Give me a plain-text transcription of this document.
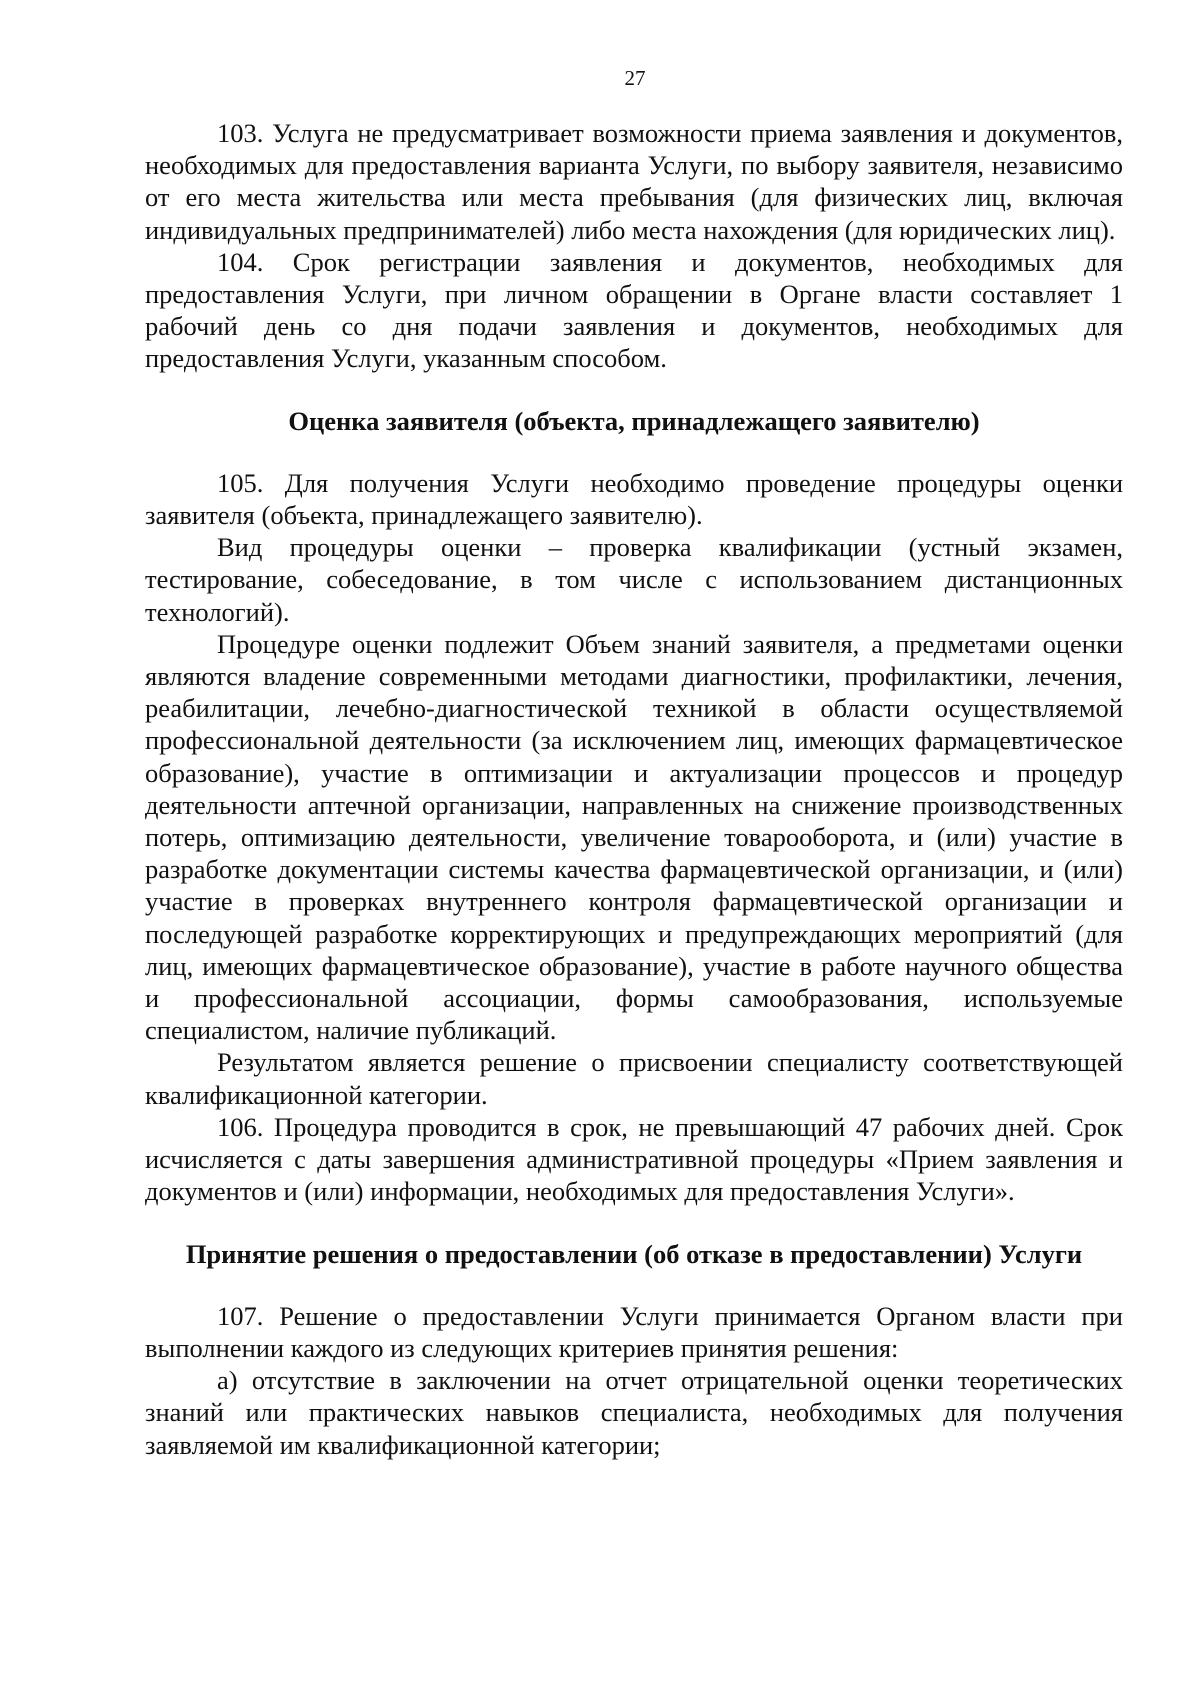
27

103. Услуга не предусматривает возможности приема заявления и документов, необходимых для предоставления варианта Услуги, по выбору заявителя, независимо от его места жительства или места пребывания (для физических лиц, включая индивидуальных предпринимателей) либо места нахождения (для юридических лиц).

104. Срок регистрации заявления и документов, необходимых для предоставления Услуги, при личном обращении в Органе власти составляет 1 рабочий день со дня подачи заявления и документов, необходимых для предоставления Услуги, указанным способом.

Оценка заявителя (объекта, принадлежащего заявителю)

105. Для получения Услуги необходимо проведение процедуры оценки заявителя (объекта, принадлежащего заявителю).

Вид процедуры оценки – проверка квалификации (устный экзамен, тестирование, собеседование, в том числе с использованием дистанционных технологий).

Процедуре оценки подлежит Объем знаний заявителя, а предметами оценки являются владение современными методами диагностики, профилактики, лечения, реабилитации, лечебно-диагностической техникой в области осуществляемой профессиональной деятельности (за исключением лиц, имеющих фармацевтическое образование), участие в оптимизации и актуализации процессов и процедур деятельности аптечной организации, направленных на снижение производственных потерь, оптимизацию деятельности, увеличение товарооборота, и (или) участие в разработке документации системы качества фармацевтической организации, и (или) участие в проверках внутреннего контроля фармацевтической организации и последующей разработке корректирующих и предупреждающих мероприятий (для лиц, имеющих фармацевтическое образование), участие в работе научного общества и профессиональной ассоциации, формы самообразования, используемые специалистом, наличие публикаций.

Результатом является решение о присвоении специалисту соответствующей квалификационной категории.

106. Процедура проводится в срок, не превышающий 47 рабочих дней. Срок исчисляется с даты завершения административной процедуры «Прием заявления и документов и (или) информации, необходимых для предоставления Услуги».

Принятие решения о предоставлении (об отказе в предоставлении) Услуги

107. Решение о предоставлении Услуги принимается Органом власти при выполнении каждого из следующих критериев принятия решения:

а) отсутствие в заключении на отчет отрицательной оценки теоретических знаний или практических навыков специалиста, необходимых для получения заявляемой им квалификационной категории;
